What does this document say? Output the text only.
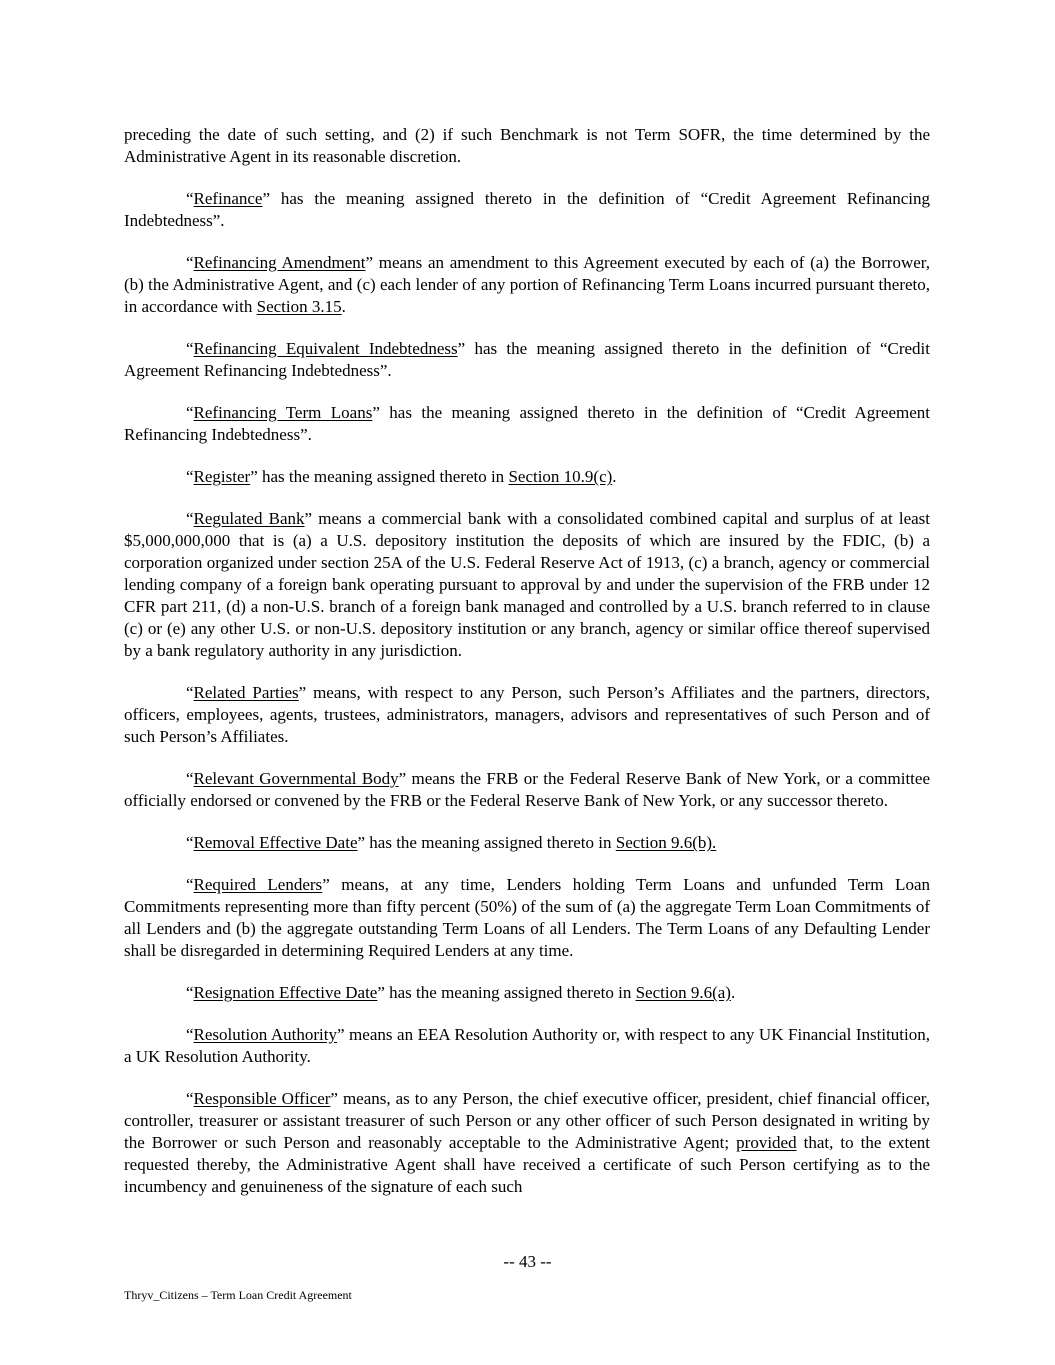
preceding the date of such setting, and (2) if such Benchmark is not Term SOFR, the time determined by the Administrative Agent in its reasonable discretion.

“Refinance” has the meaning assigned thereto in the definition of “Credit Agreement Refinancing Indebtedness”.

“Refinancing Amendment” means an amendment to this Agreement executed by each of (a) the Borrower, (b) the Administrative Agent, and (c) each lender of any portion of Refinancing Term Loans incurred pursuant thereto, in accordance with Section 3.15.

“Refinancing Equivalent Indebtedness” has the meaning assigned thereto in the definition of “Credit Agreement Refinancing Indebtedness”.

“Refinancing Term Loans” has the meaning assigned thereto in the definition of “Credit Agreement Refinancing Indebtedness”.

“Register” has the meaning assigned thereto in Section 10.9(c).

“Regulated Bank” means a commercial bank with a consolidated combined capital and surplus of at least $5,000,000,000 that is (a) a U.S. depository institution the deposits of which are insured by the FDIC, (b) a corporation organized under section 25A of the U.S. Federal Reserve Act of 1913, (c) a branch, agency or commercial lending company of a foreign bank operating pursuant to approval by and under the supervision of the FRB under 12 CFR part 211, (d) a non-U.S. branch of a foreign bank managed and controlled by a U.S. branch referred to in clause (c) or (e) any other U.S. or non-U.S. depository institution or any branch, agency or similar office thereof supervised by a bank regulatory authority in any jurisdiction.

“Related Parties” means, with respect to any Person, such Person’s Affiliates and the partners, directors, officers, employees, agents, trustees, administrators, managers, advisors and representatives of such Person and of such Person’s Affiliates.

“Relevant Governmental Body” means the FRB or the Federal Reserve Bank of New York, or a committee officially endorsed or convened by the FRB or the Federal Reserve Bank of New York, or any successor thereto.

“Removal Effective Date” has the meaning assigned thereto in Section 9.6(b).

“Required Lenders” means, at any time, Lenders holding Term Loans and unfunded Term Loan Commitments representing more than fifty percent (50%) of the sum of (a) the aggregate Term Loan Commitments of all Lenders and (b) the aggregate outstanding Term Loans of all Lenders. The Term Loans of any Defaulting Lender shall be disregarded in determining Required Lenders at any time.

“Resignation Effective Date” has the meaning assigned thereto in Section 9.6(a).

“Resolution Authority” means an EEA Resolution Authority or, with respect to any UK Financial Institution, a UK Resolution Authority.

“Responsible Officer” means, as to any Person, the chief executive officer, president, chief financial officer, controller, treasurer or assistant treasurer of such Person or any other officer of such Person designated in writing by the Borrower or such Person and reasonably acceptable to the Administrative Agent; provided that, to the extent requested thereby, the Administrative Agent shall have received a certificate of such Person certifying as to the incumbency and genuineness of the signature of each such

-- 43 --
Thryv_Citizens – Term Loan Credit Agreement
